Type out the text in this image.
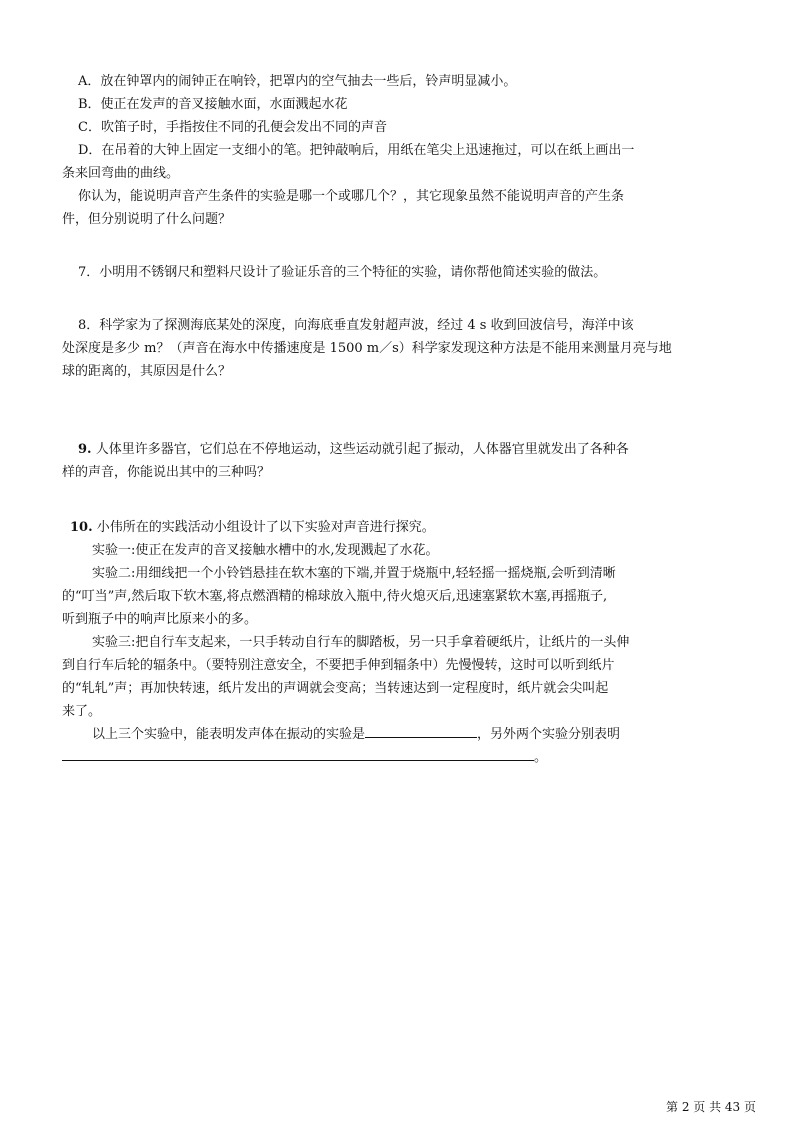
A．放在钟罩内的闹钟正在响铃，把罩内的空气抽去一些后，铃声明显减小。

B．使正在发声的音叉接触水面，水面溅起水花

C．吹笛子时，手指按住不同的孔便会发出不同的声音

D．在吊着的大钟上固定一支细小的笔。把钟敲响后，用纸在笔尖上迅速拖过，可以在纸上画出一

条来回弯曲的曲线。

你认为，能说明声音产生条件的实验是哪一个或哪几个？，其它现象虽然不能说明声音的产生条

件，但分别说明了什么问题？

7．小明用不锈钢尺和塑料尺设计了验证乐音的三个特征的实验，请你帮他简述实验的做法。

8．科学家为了探测海底某处的深度，向海底垂直发射超声波，经过 4 s 收到回波信号，海洋中该

处深度是多少 m？（声音在海水中传播速度是 1500 m／s）科学家发现这种方法是不能用来测量月亮与地

球的距离的，其原因是什么？

9. 人体里许多器官，它们总在不停地运动，这些运动就引起了振动，人体器官里就发出了各种各

样的声音，你能说出其中的三种吗？

10. 小伟所在的实践活动小组设计了以下实验对声音进行探究。

实验一:使正在发声的音叉接触水槽中的水,发现溅起了水花。

实验二:用细线把一个小铃铛悬挂在软木塞的下端,并置于烧瓶中,轻轻摇一摇烧瓶,会听到清晰

的“叮当”声,然后取下软木塞,将点燃酒精的棉球放入瓶中,待火熄灭后,迅速塞紧软木塞,再摇瓶子,

听到瓶子中的响声比原来小的多。

实验三:把自行车支起来，一只手转动自行车的脚踏板，另一只手拿着硬纸片，让纸片的一头伸

到自行车后轮的辐条中。（要特别注意安全，不要把手伸到辐条中）先慢慢转，这时可以听到纸片

的“轧轧”声；再加快转速，纸片发出的声调就会变高；当转速达到一定程度时，纸片就会尖叫起

来了。

以上三个实验中，能表明发声体在振动的实验是	，另外两个实验分别表明

。

第 2 页 共 43 页
